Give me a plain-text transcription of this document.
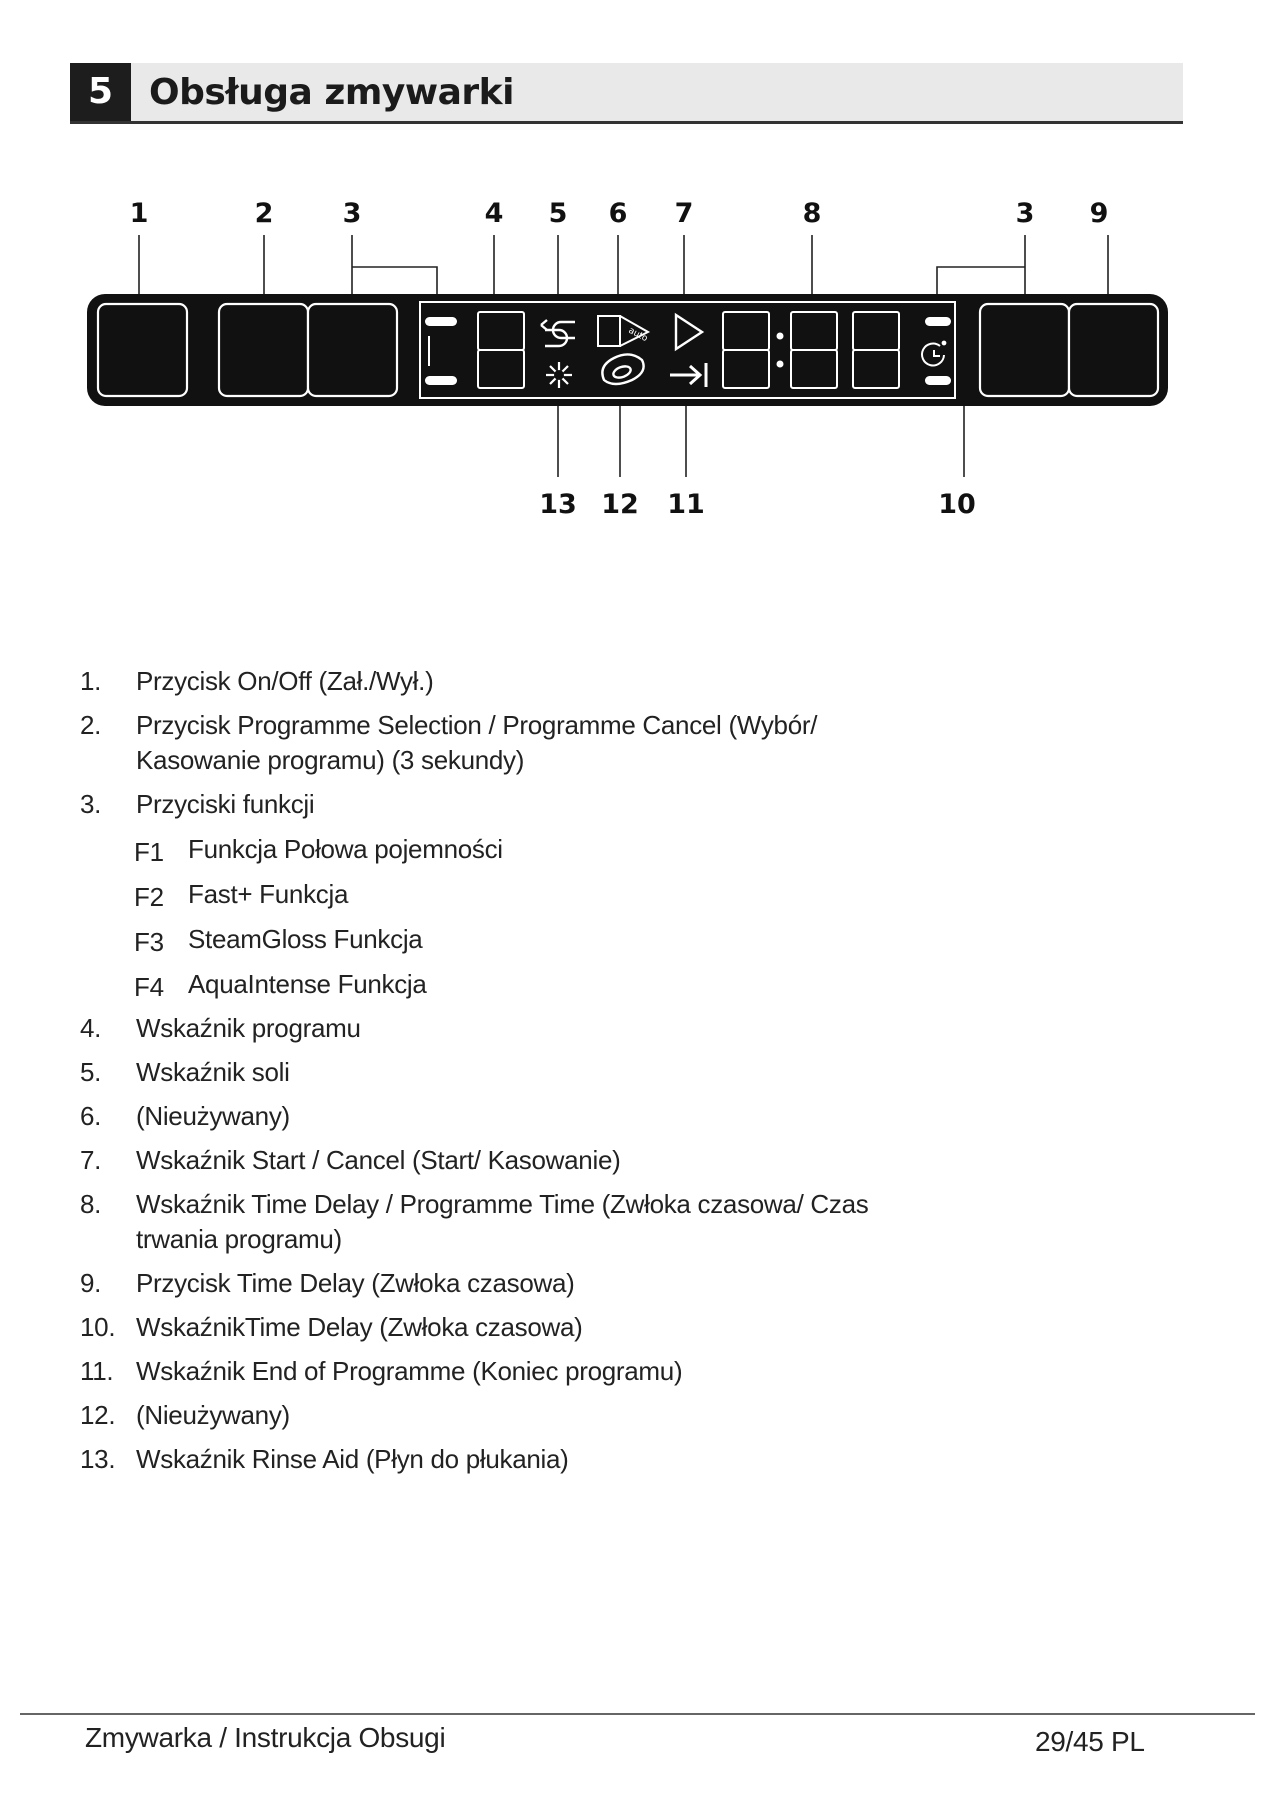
5 Obsługa zmywarki
1	2	3	4 5 6 7	8	3 9
13 12 11	10
auto
1.	Przycisk On/Off (Zał./Wył.)
2.	Przycisk Programme Selection / Programme Cancel (Wybór/
Kasowanie programu) (3 sekundy)
3.	Przyciski funkcji
F1 Funkcja Połowa pojemności
F2 Fast+ Funkcja
F3 SteamGloss Funkcja
F4 AquaIntense Funkcja
4.	Wskaźnik programu
5.	Wskaźnik soli
6.	(Nieużywany)
7.	Wskaźnik Start / Cancel (Start/ Kasowanie)
8.	Wskaźnik Time Delay / Programme Time (Zwłoka czasowa/ Czas
trwania programu)
9.	Przycisk Time Delay (Zwłoka czasowa)
10. WskaźnikTime Delay (Zwłoka czasowa)
11. Wskaźnik End of Programme (Koniec programu)
12. (Nieużywany)
13. Wskaźnik Rinse Aid (Płyn do płukania)
Zmywarka / Instrukcja Obsugi	29/45 PL
